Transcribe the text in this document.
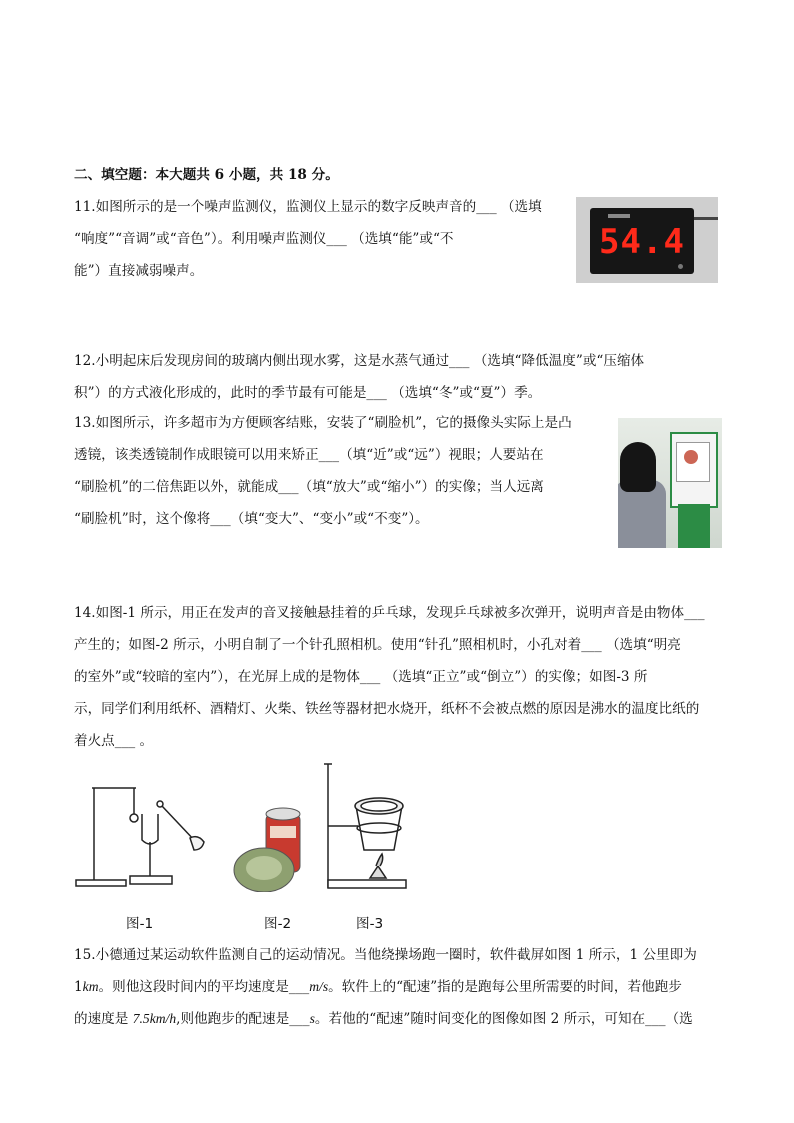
二、填空题：本大题共 6 小题，共 18 分。
11.如图所示的是一个噪声监测仪，监测仪上显示的数字反映声音的___ （选填
“响度”“音调”或“音色”）。利用噪声监测仪___ （选填“能”或“不
能”）直接减弱噪声。
54.4
12.小明起床后发现房间的玻璃内侧出现水雾，这是水蒸气通过___ （选填“降低温度”或“压缩体
积”）的方式液化形成的，此时的季节最有可能是___ （选填“冬”或“夏”）季。
13.如图所示，许多超市为方便顾客结账，安装了“刷脸机”，它的摄像头实际上是凸
透镜，该类透镜制作成眼镜可以用来矫正___（填“近”或“远”）视眼；人要站在
“刷脸机”的二倍焦距以外，就能成___（填“放大”或“缩小”）的实像；当人远离
“刷脸机”时，这个像将___（填“变大”、“变小”或“不变”）。
14.如图-1 所示，用正在发声的音叉接触悬挂着的乒乓球，发现乒乓球被多次弹开，说明声音是由物体___
产生的；如图-2 所示，小明自制了一个针孔照相机。使用“针孔”照相机时，小孔对着___ （选填“明亮
的室外”或“较暗的室内”），在光屏上成的是物体___ （选填“正立”或“倒立”）的实像；如图-3 所
示，同学们利用纸杯、酒精灯、火柴、铁丝等器材把水烧开，纸杯不会被点燃的原因是沸水的温度比纸的
着火点___ 。
图-1	图-2	图-3
15.小德通过某运动软件监测自己的运动情况。当他绕操场跑一圈时，软件截屏如图 1 所示，1 公里即为
1km。则他这段时间内的平均速度是___m/s。软件上的“配速”指的是跑每公里所需要的时间，若他跑步
的速度是 7.5km/h,则他跑步的配速是___s。若他的“配速”随时间变化的图像如图 2 所示，可知在___（选
